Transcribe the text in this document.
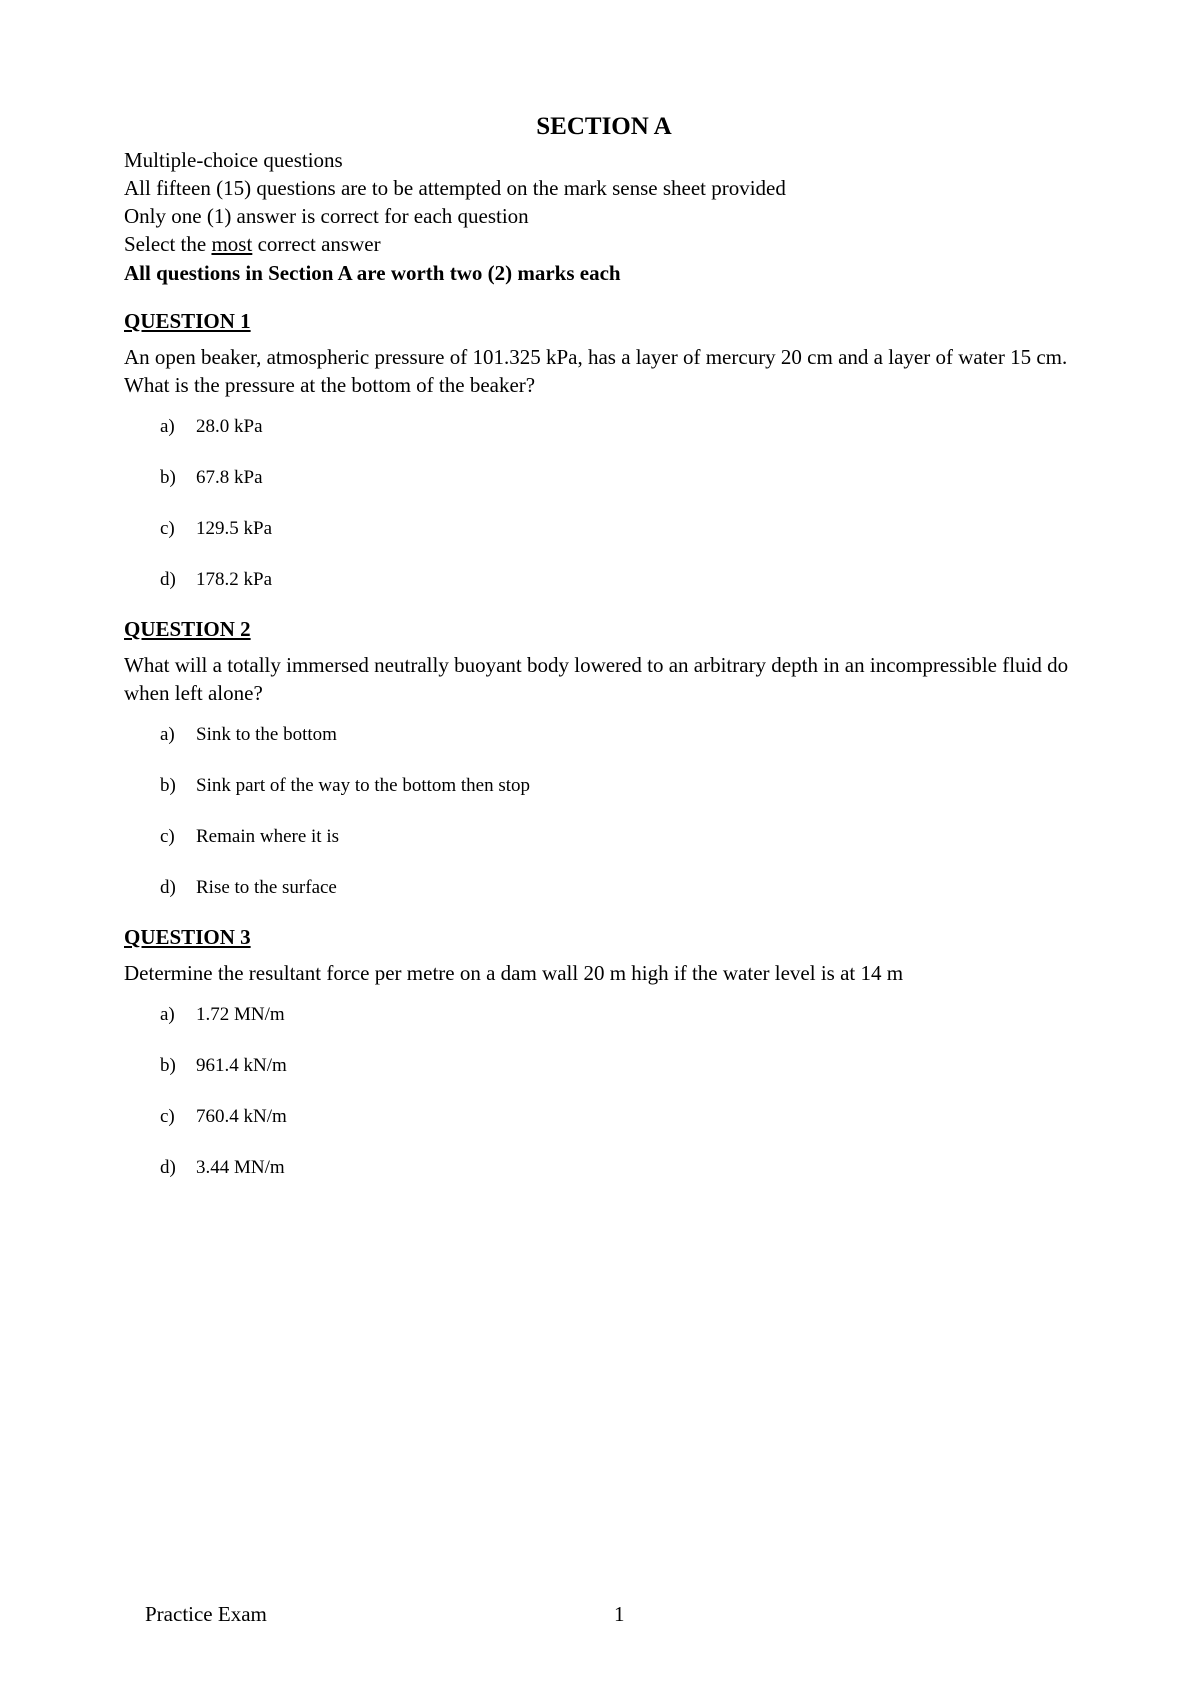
SECTION A

Multiple-choice questions

All fifteen (15) questions are to be attempted on the mark sense sheet provided

Only one (1) answer is correct for each question

Select the most correct answer

All questions in Section A are worth two (2) marks each

QUESTION 1
An open beaker, atmospheric pressure of 101.325 kPa, has a layer of mercury 20 cm and a layer of water 15 cm. What is the pressure at the bottom of the beaker?
a)	28.0 kPa
b)	67.8 kPa
c)	129.5 kPa
d)	178.2 kPa
QUESTION 2
What will a totally immersed neutrally buoyant body lowered to an arbitrary depth in an incompressible fluid do when left alone?
a)	Sink to the bottom
b)	Sink part of the way to the bottom then stop
c)	Remain where it is
d)	Rise to the surface
QUESTION 3
Determine the resultant force per metre on a dam wall 20 m high if the water level is at 14 m
a)	1.72 MN/m
b)	961.4 kN/m
c)	760.4 kN/m
d)	3.44 MN/m
Practice Exam	1
